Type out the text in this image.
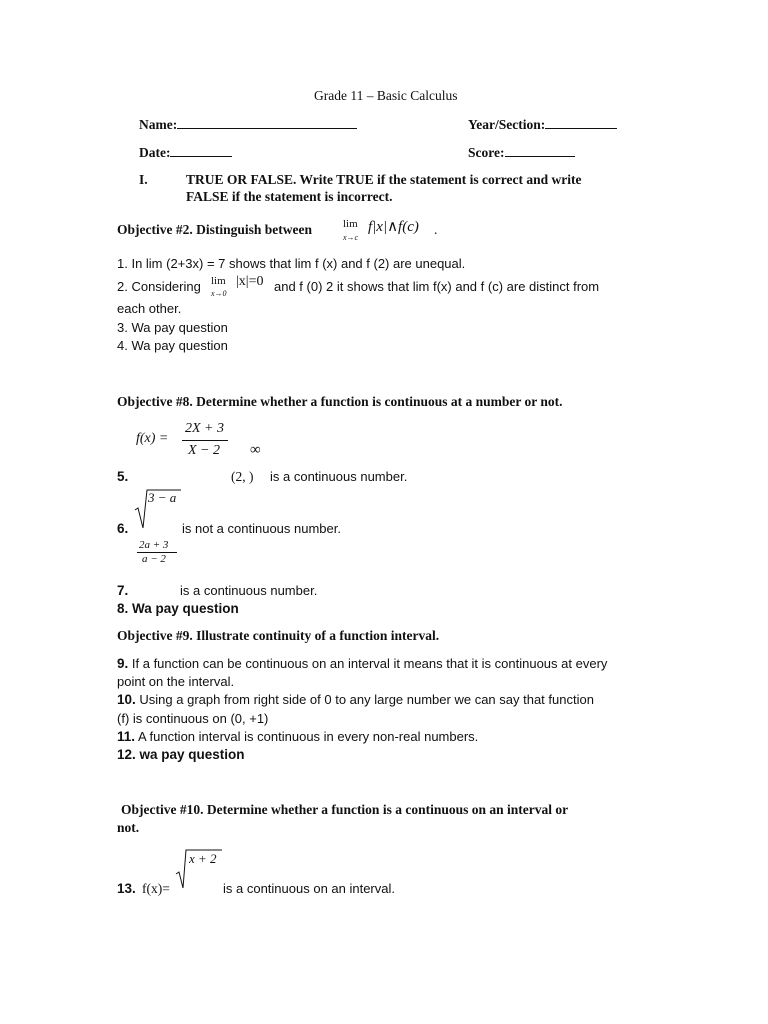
Grade 11 – Basic Calculus
Name:	Year/Section:
Date:	Score:
I.	TRUE OR FALSE. Write TRUE if the statement is correct and write
FALSE if the statement is incorrect.
Objective #2. Distinguish between	lim
x→c
f|x|∧f(c) .
1. In lim (2+3x) = 7 shows that lim f (x) and f (2) are unequal.
2. Considering lim
x→0
|x|=0 and f (0) 2 it shows that lim f(x) and f (c) are distinct from
each other.
3. Wa pay question
4. Wa pay question
Objective #8. Determine whether a function is continuous at a number or not.
f(x) =
2X + 3
X − 2 ∞
5.	(2, ) is a continuous number.
3 − a
6.	is not a continuous number.
2a + 3
a − 2
7.	is a continuous number.
8. Wa pay question
Objective #9. Illustrate continuity of a function interval.
9. If a function can be continuous on an interval it means that it is continuous at every
point on the interval.
10. Using a graph from right side of 0 to any large number we can say that function
(f) is continuous on (0, +1)
11. A function interval is continuous in every non-real numbers.
12. wa pay question
Objective #10. Determine whether a function is a continuous on an interval or
not.
x + 2
13. f(x)=	is a continuous on an interval.
